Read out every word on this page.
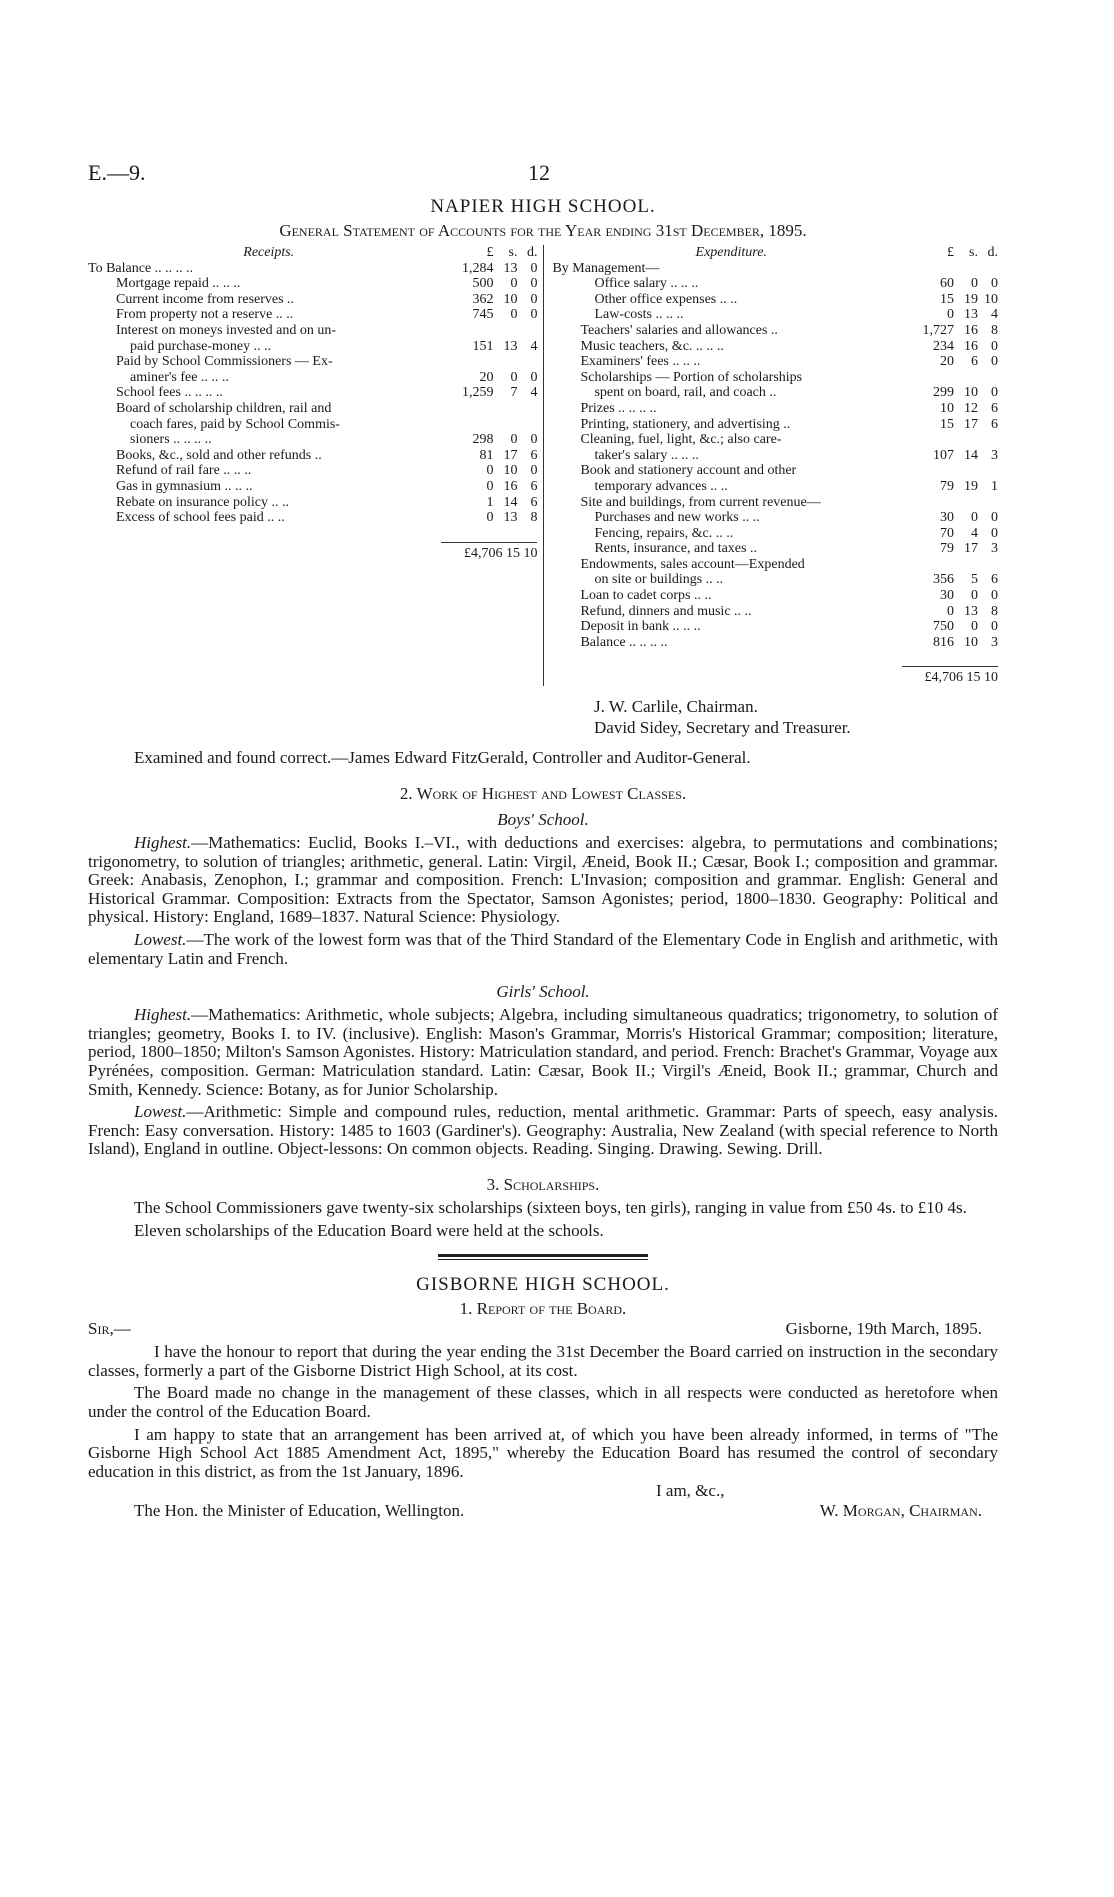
E.—9.	12
NAPIER HIGH SCHOOL.
General Statement of Accounts for the Year ending 31st December, 1895.
Receipts.	£	s. d.
To Balance .. .. .. ..	1,284 13 0
Mortgage repaid .. .. ..	500	0 0
Current income from reserves ..	362 10 0
From property not a reserve .. ..	745	0 0
Interest on moneys invested and on un-
paid purchase-money .. ..	151 13 4
Paid by School Commissioners — Ex-
aminer's fee .. .. ..	20	0 0
School fees .. .. .. ..	1,259	7 4
Board of scholarship children, rail and
coach fares, paid by School Commis-
sioners .. .. .. ..	298	0 0
Books, &c., sold and other refunds ..	81 17 6
Refund of rail fare .. .. ..	0 10 0
Gas in gymnasium .. .. ..	0 16 6
Rebate on insurance policy .. ..	1 14 6
Excess of school fees paid .. ..	0 13 8
£4,706 15 10
Expenditure.	£	s. d.
By Management—
Office salary .. .. ..	60	0 0
Other office expenses .. ..	15 19 10
Law-costs .. .. ..	0 13 4
Teachers' salaries and allowances ..	1,727 16 8
Music teachers, &c. .. .. ..	234 16 0
Examiners' fees .. .. ..	20	6 0
Scholarships — Portion of scholarships
spent on board, rail, and coach ..	299 10 0
Prizes .. .. .. ..	10 12 6
Printing, stationery, and advertising ..	15 17 6
Cleaning, fuel, light, &c.; also care-
taker's salary .. .. ..	107 14 3
Book and stationery account and other
temporary advances .. ..	79 19 1
Site and buildings, from current revenue—
Purchases and new works .. ..	30	0 0
Fencing, repairs, &c. .. ..	70	4 0
Rents, insurance, and taxes ..	79 17 3
Endowments, sales account—Expended
on site or buildings .. ..	356	5 6
Loan to cadet corps .. ..	30	0 0
Refund, dinners and music .. ..	0 13 8
Deposit in bank .. .. ..	750	0 0
Balance .. .. .. ..	816 10 3
£4,706 15 10
J. W. Carlile, Chairman.
David Sidey, Secretary and Treasurer.
Examined and found correct.—James Edward FitzGerald, Controller and Auditor-General.
2. Work of Highest and Lowest Classes.
Boys' School.

Highest.—Mathematics: Euclid, Books I.–VI., with deductions and exercises: algebra, to permutations and combinations; trigonometry, to solution of triangles; arithmetic, general. Latin: Virgil, Æneid, Book II.; Cæsar, Book I.; composition and grammar. Greek: Anabasis, Zenophon, I.; grammar and composition. French: L'Invasion; composition and grammar. English: General and Historical Grammar. Composition: Extracts from the Spectator, Samson Agonistes; period, 1800–1830. Geography: Political and physical. History: England, 1689–1837. Natural Science: Physiology.

Lowest.—The work of the lowest form was that of the Third Standard of the Elementary Code in English and arithmetic, with elementary Latin and French.

Girls' School.

Highest.—Mathematics: Arithmetic, whole subjects; Algebra, including simultaneous quadratics; trigonometry, to solution of triangles; geometry, Books I. to IV. (inclusive). English: Mason's Grammar, Morris's Historical Grammar; composition; literature, period, 1800–1850; Milton's Samson Agonistes. History: Matriculation standard, and period. French: Brachet's Grammar, Voyage aux Pyrénées, composition. German: Matriculation standard. Latin: Cæsar, Book II.; Virgil's Æneid, Book II.; grammar, Church and Smith, Kennedy. Science: Botany, as for Junior Scholarship.

Lowest.—Arithmetic: Simple and compound rules, reduction, mental arithmetic. Grammar: Parts of speech, easy analysis. French: Easy conversation. History: 1485 to 1603 (Gardiner's). Geography: Australia, New Zealand (with special reference to North Island), England in outline. Object-lessons: On common objects. Reading. Singing. Drawing. Sewing. Drill.

3. Scholarships.

The School Commissioners gave twenty-six scholarships (sixteen boys, ten girls), ranging in value from £50 4s. to £10 4s.

Eleven scholarships of the Education Board were held at the schools.

GISBORNE HIGH SCHOOL.
1. Report of the Board.
Sir,—	Gisborne, 19th March, 1895.

I have the honour to report that during the year ending the 31st December the Board carried on instruction in the secondary classes, formerly a part of the Gisborne District High School, at its cost.

The Board made no change in the management of these classes, which in all respects were conducted as heretofore when under the control of the Education Board.

I am happy to state that an arrangement has been arrived at, of which you have been already informed, in terms of "The Gisborne High School Act 1885 Amendment Act, 1895," whereby the Education Board has resumed the control of secondary education in this district, as from the 1st January, 1896.

I am, &c.,
The Hon. the Minister of Education, Wellington.	W. Morgan, Chairman.
